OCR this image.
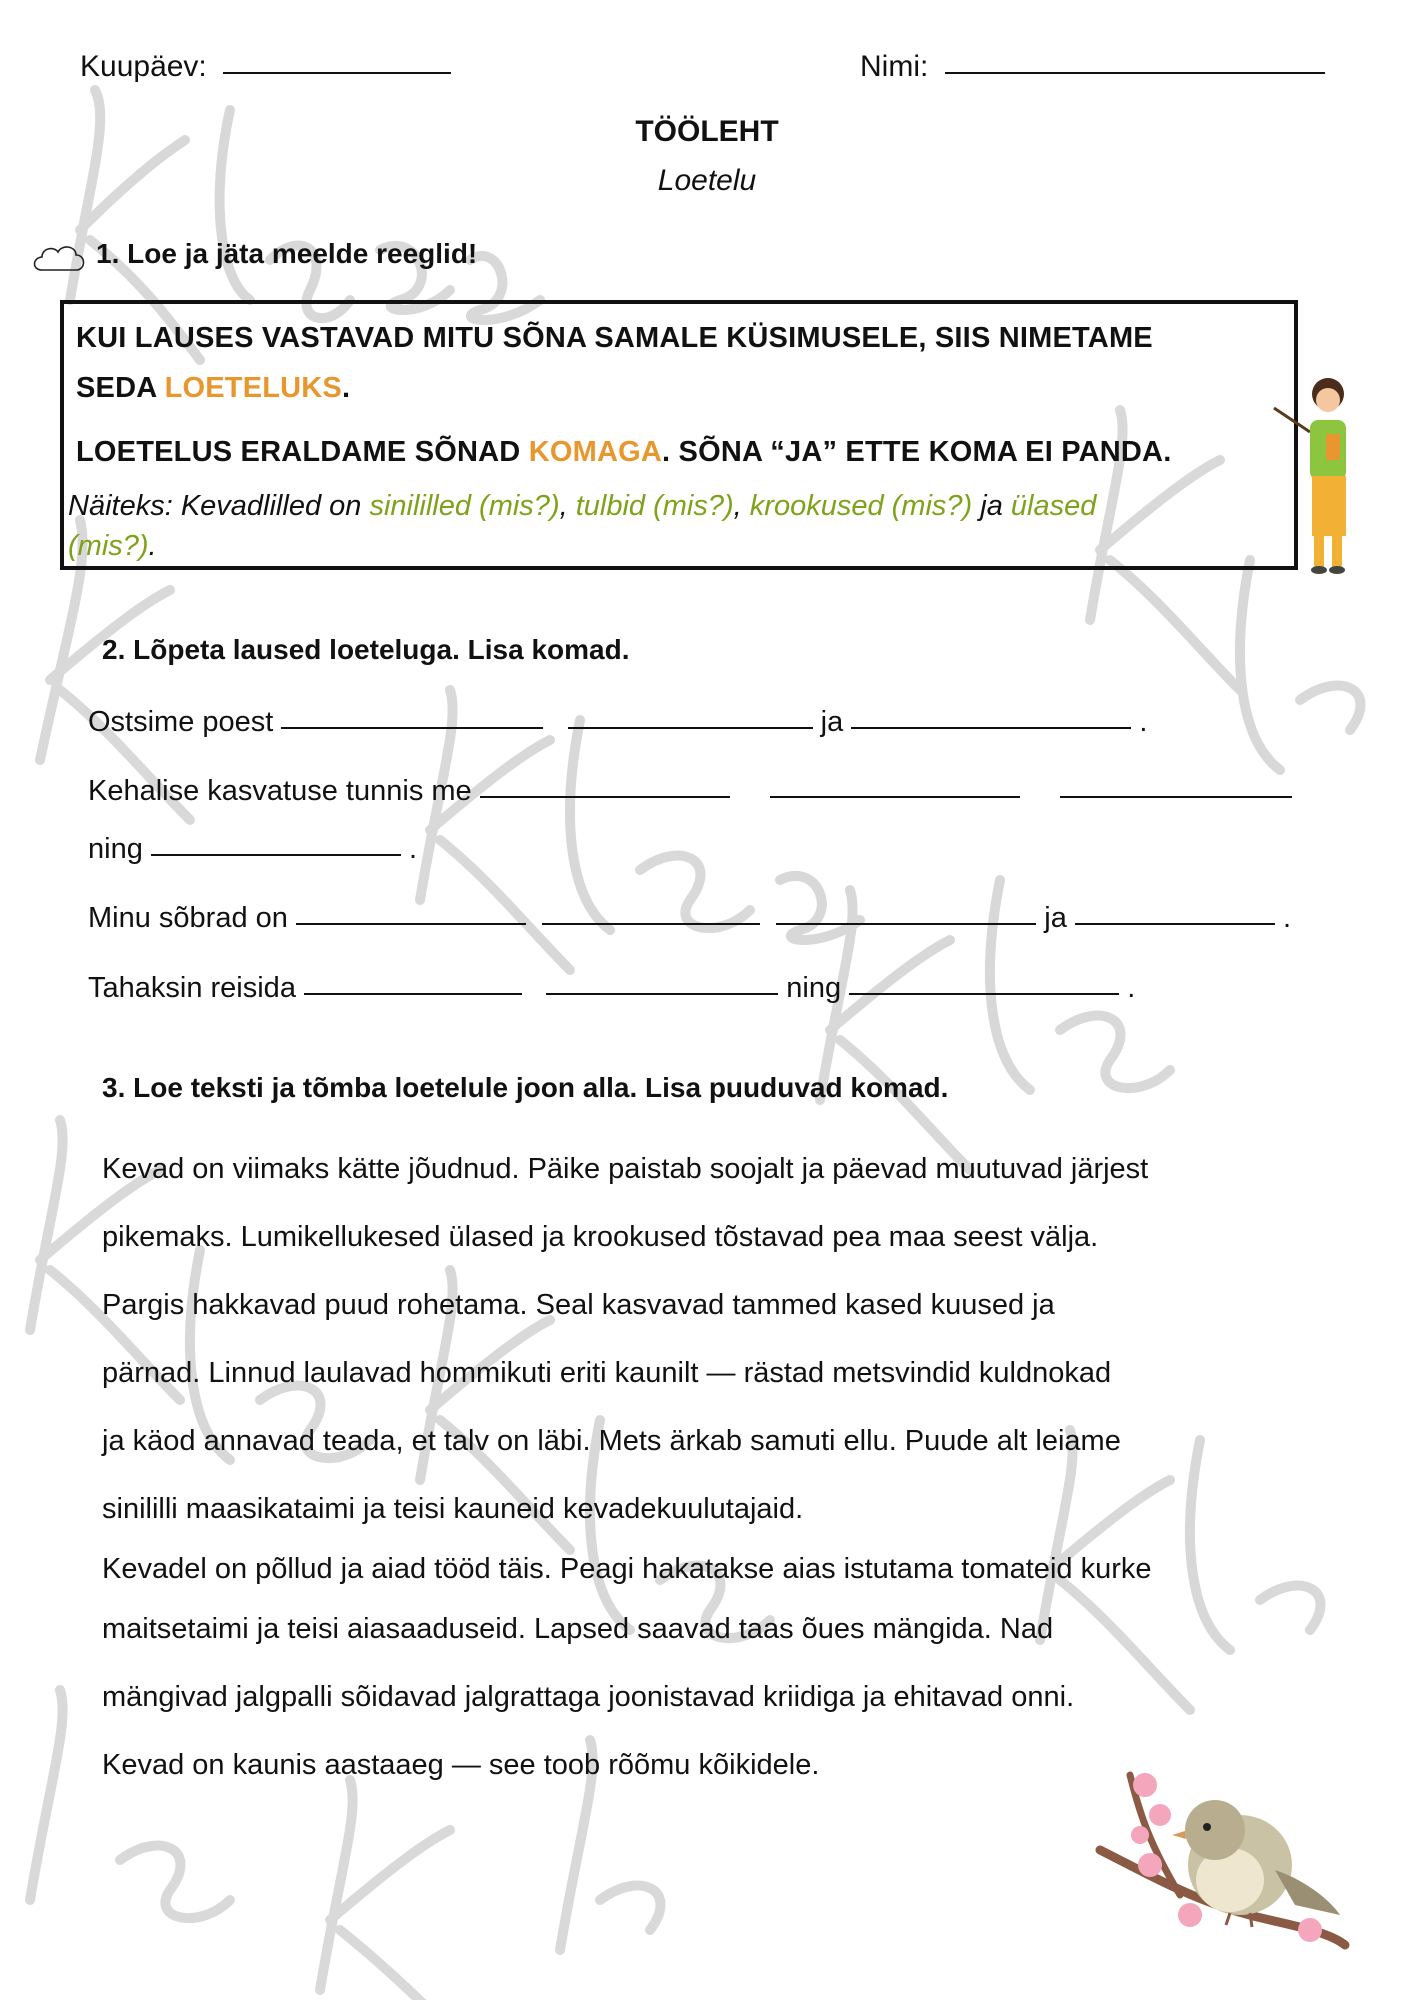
Kuupäev:	Nimi:
TÖÖLEHT
Loetelu
1. Loe ja jäta meelde reeglid!
KUI LAUSES VASTAVAD MITU SÕNA SAMALE KÜSIMUSELE, SIIS NIMETAME
SEDA LOETELUKS.
LOETELUS ERALDAME SÕNAD KOMAGA. SÕNA “JA” ETTE KOMA EI PANDA.
Näiteks: Kevadlilled on sinililled (mis?), tulbid (mis?), krookused (mis?) ja ülased
(mis?).
2. Lõpeta laused loeteluga. Lisa komad.
Ostsime poest	ja	.
Kehalise kasvatuse tunnis me
ning	.
Minu sõbrad on	ja	.
Tahaksin reisida	ning	.
3. Loe teksti ja tõmba loetelule joon alla. Lisa puuduvad komad.
Kevad on viimaks kätte jõudnud. Päike paistab soojalt ja päevad muutuvad järjest
pikemaks. Lumikellukesed ülased ja krookused tõstavad pea maa seest välja.
Pargis hakkavad puud rohetama. Seal kasvavad tammed kased kuused ja
pärnad. Linnud laulavad hommikuti eriti kaunilt — rästad metsvindid kuldnokad
ja käod annavad teada, et talv on läbi. Mets ärkab samuti ellu. Puude alt leiame
sinililli maasikataimi ja teisi kauneid kevadekuulutajaid.
Kevadel on põllud ja aiad tööd täis. Peagi hakatakse aias istutama tomateid kurke
maitsetaimi ja teisi aiasaaduseid. Lapsed saavad taas õues mängida. Nad
mängivad jalgpalli sõidavad jalgrattaga joonistavad kriidiga ja ehitavad onni.
Kevad on kaunis aastaaeg — see toob rõõmu kõikidele.
